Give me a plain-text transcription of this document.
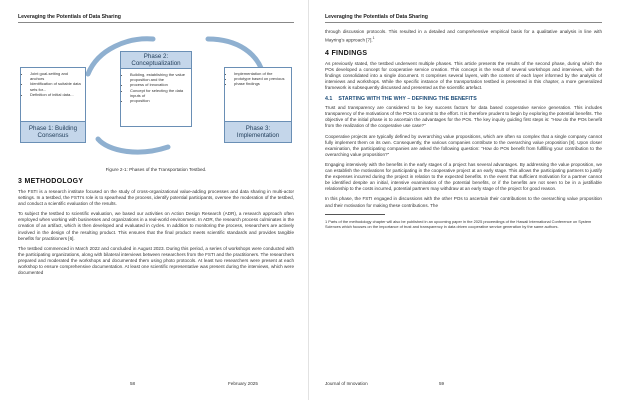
Leveraging the Potentials of Data Sharing
• Joint goal-setting and anchors
• Identification of suitable data sets for...
• Definition of initial data...
Phase 1: Building Consensus
Phase 2: Conceptualization
• Building, establishing the value proposition and the
• process of innovation
• Concept for selecting the data inputs of
• proposition
• Implementation of the
• prototype based on previous
• phase findings
Phase 3: Implementation
Figure 2-1: Phases of the Transportation Testbed.
3 METHODOLOGY

The FSTI is a research institute focused on the study of cross-organizational value-adding processes and data sharing in multi-actor settings. In a testbed, the FSTI’s role is to spearhead the process, identify potential participants, oversee the moderation of the testbed, and conduct a scientific evaluation of the results.

To subject the testbed to scientific evaluation, we based our activities on Action Design Research (ADR), a research approach often employed when working with businesses and organizations in a real-world environment. In ADR, the research process culminates in the creation of an artifact, which is then developed and evaluated in cycles. In addition to monitoring the process, researchers are actively involved in the design of the resulting product. This ensures that the final product meets scientific standards and provides tangible benefits for practitioners [6].

The testbed commenced in March 2022 and concluded in August 2023. During this period, a series of workshops were conducted with the participating organizations, along with bilateral interviews between researchers from the FSTI and the practitioners. The researchers prepared and moderated the workshops and documented them using photo protocols. At least two researchers were present at each workshop to ensure comprehensive documentation. At least one scientific representative was present during the interviews, which were documented

58	February 2025
Leveraging the Potentials of Data Sharing

through discussion protocols. This resulted in a detailed and comprehensive empirical basis for a qualitative analysis in line with Mayring’s approach [7].$^1$

4 FINDINGS

As previously stated, the testbed underwent multiple phases. This article presents the results of the second phase, during which the POs developed a concept for cooperative service creation. This concept is the result of several workshops and interviews, with the findings consolidated into a single document. It comprises several layers, with the content of each layer informed by the analysis of interviews and workshops. While the specific instance of the transportation testbed is presented in this chapter, a more generalized framework is subsequently discussed and presented as the scientific artefact.

4.1 STARTING WITH THE WHY – DEFINING THE BENEFITS

Trust and transparency are considered to be key success factors for data based cooperative service generation. This includes transparency of the motivations of the POs to commit to the effort. It is therefore prudent to begin by exploring the potential benefits. The objective of the initial phase is to ascertain the advantages for the POs. The key inquiry guiding first steps is: “How do the POs benefit from the realization of the cooperative use case?”

Cooperative projects are typically defined by overarching value propositions, which are often so complex that a single company cannot fully implement them on its own. Consequently, the various companies contribute to the overarching value proposition [8]. Upon closer examination, the participating companies are asked the following question: “How do POs benefit from fulfilling your contribution to the overarching value proposition?”

Engaging intensively with the benefits in the early stages of a project has several advantages. By addressing the value proposition, we can establish the motivations for participating in the cooperative project at an early stage. This allows the participating partners to justify the expenses incurred during the project in relation to the expected benefits. In the event that sufficient motivation for a partner cannot be identified despite an initial, intensive examination of the potential benefits, or if the benefits are not seen to be in a justifiable relationship to the costs incurred, potential partners may withdraw at an early stage of the project for good reason.

In this phase, the FSTI engaged in discussions with the other POs to ascertain their contributions to the overarching value proposition and their motivation for making these contributions. The

1 Parts of the methodology chapter will also be published in an upcoming paper in the 2025 proceedings of the Hawaii International Conference on System Sciences which focuses on the importance of trust and transparency in data driven cooperative service generation by the same authors.
Journal of Innovation	59
